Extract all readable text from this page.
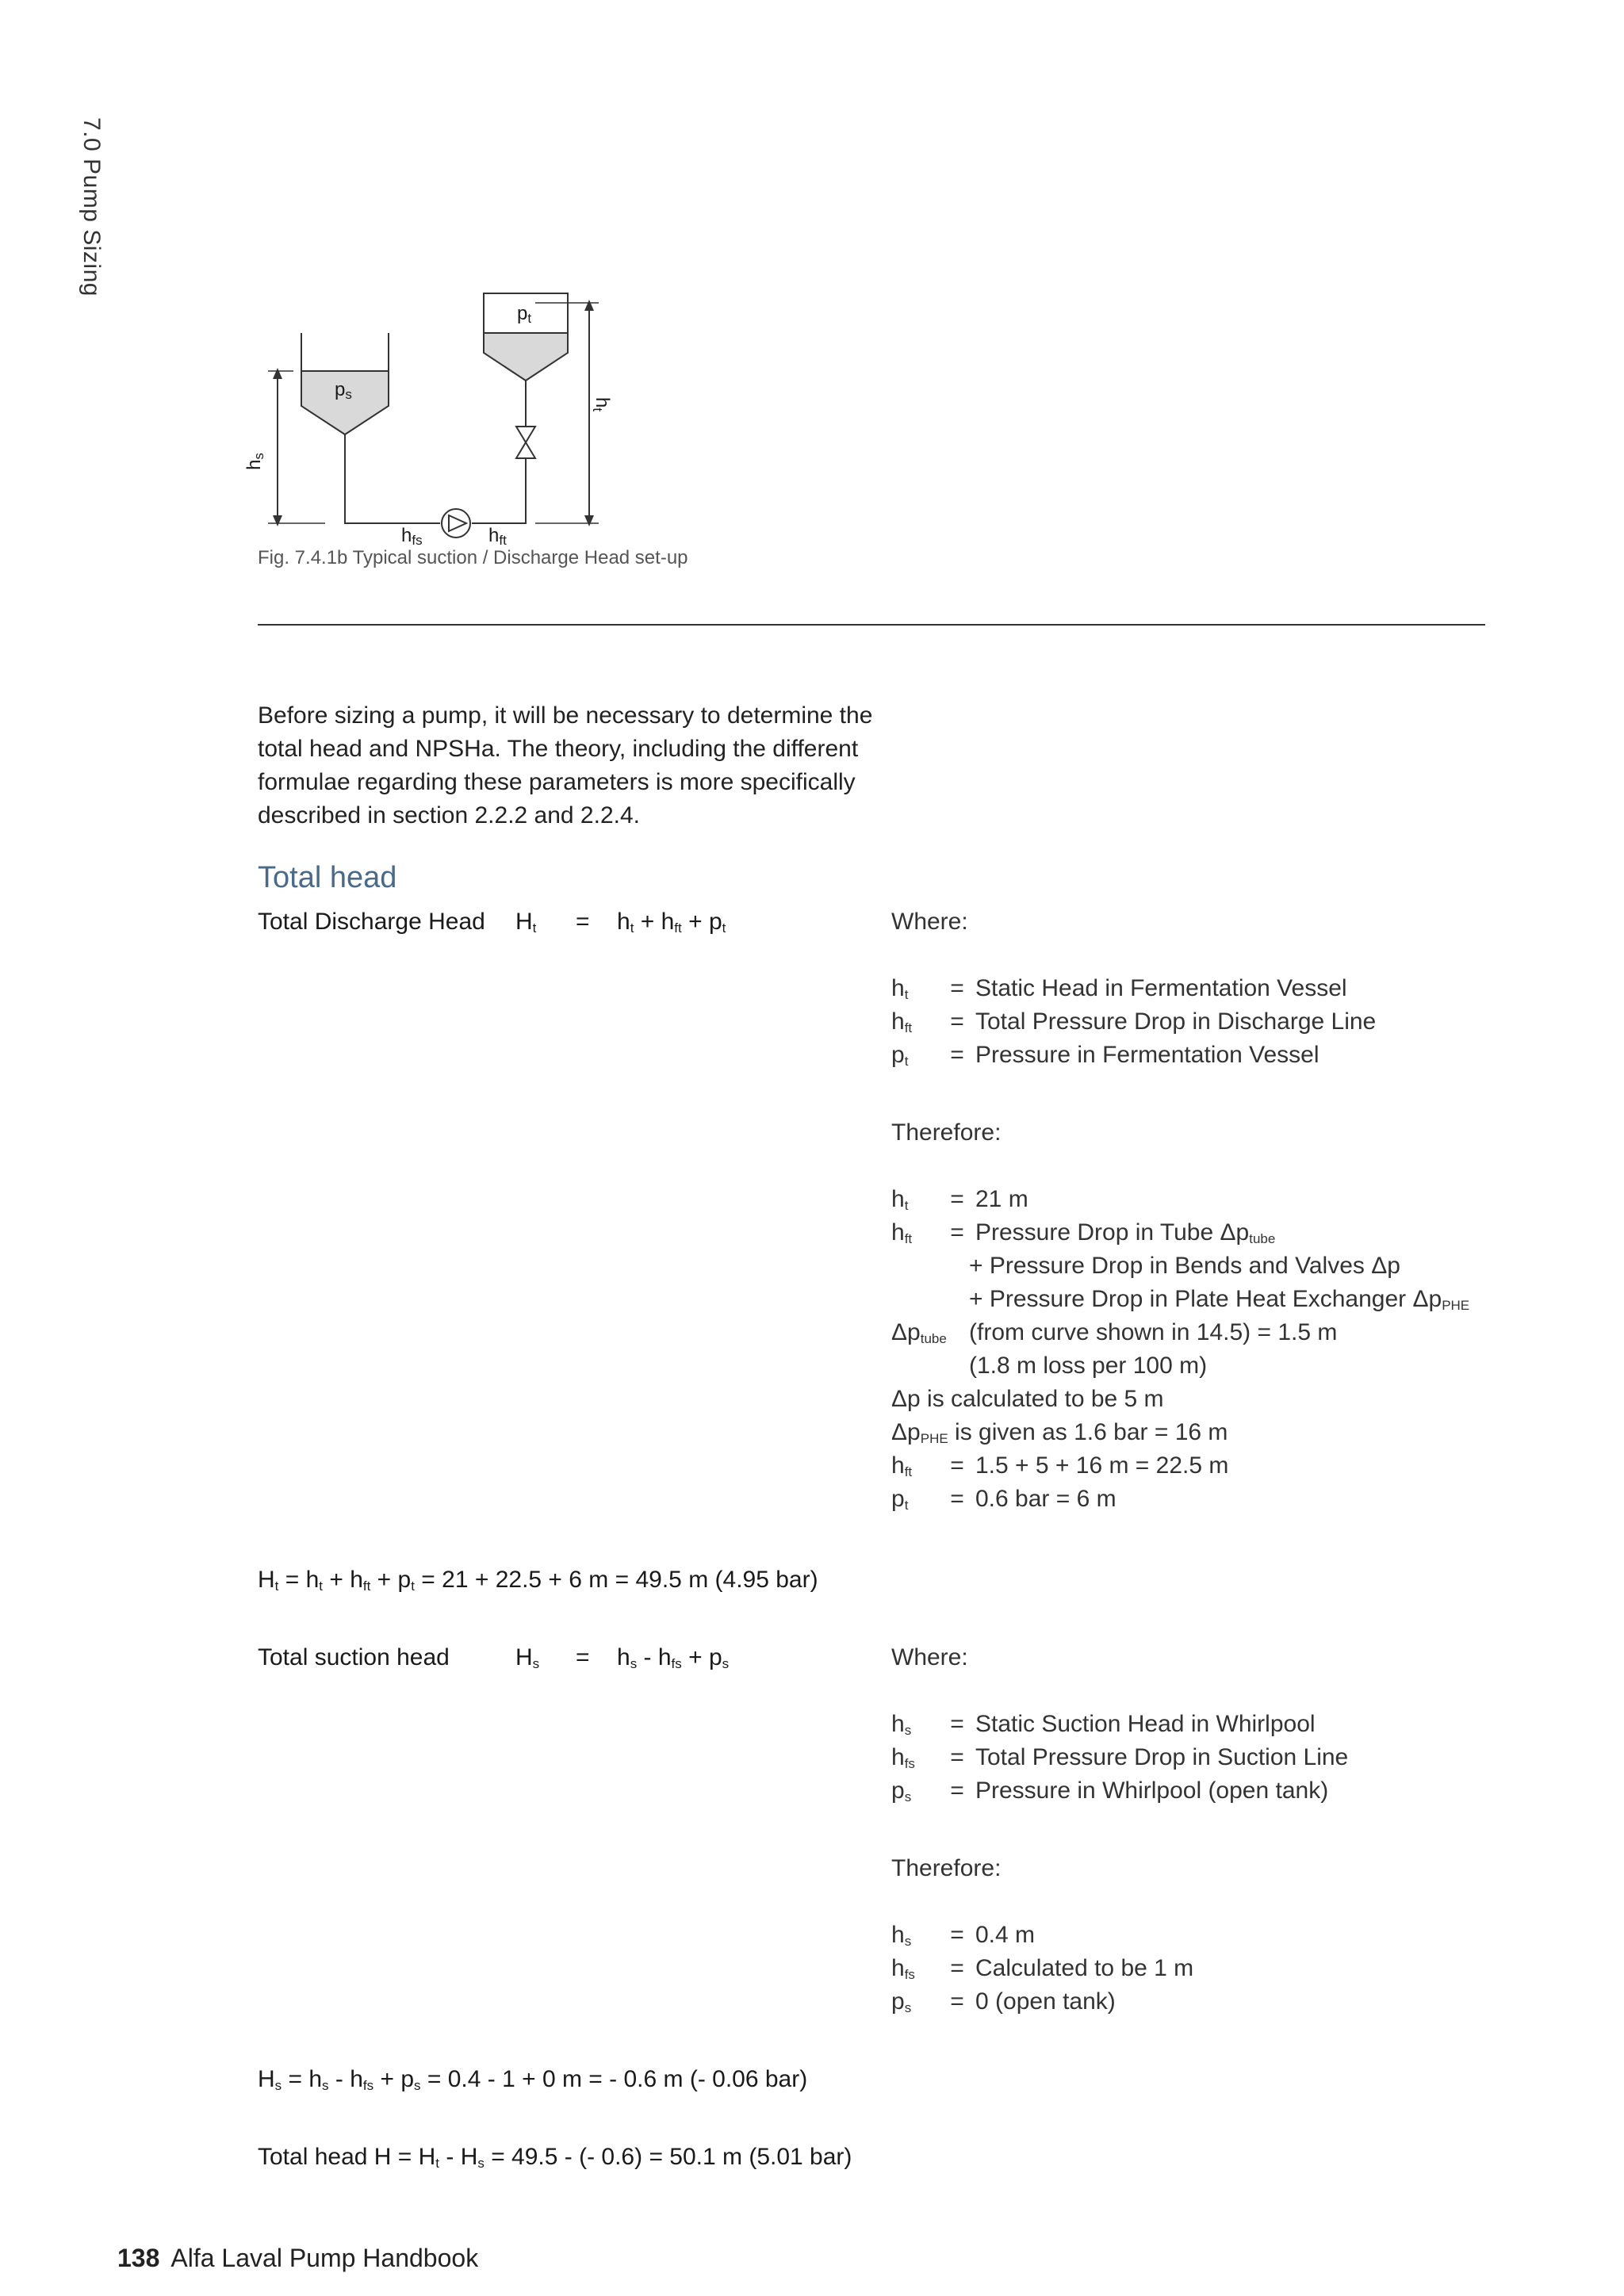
7.0 Pump Sizing
$p_t$
$p_s$
$h_t$
$h_s$
$h_{fs}$	$h_{ft}$
Fig. 7.4.1b Typical suction / Discharge Head set-up
Before sizing a pump, it will be necessary to determine the total head and NPSHa. The theory, including the different formulae regarding these parameters is more specifically described in section 2.2.2 and 2.2.4.
Total head
Total Discharge Head $H_t = h_t + h_{ft} + p_t$	Where:
$h_t$ = Static Head in Fermentation Vessel
$h_{ft}$ = Total Pressure Drop in Discharge Line
$p_t$ = Pressure in Fermentation Vessel
Therefore:
$h_t = 21$ m
$h_{ft}$ = Pressure Drop in Tube $\Delta p_{tube}$
+ Pressure Drop in Bends and Valves Δp
+ Pressure Drop in Plate Heat Exchanger $\Delta p_{PHE}$
$\Delta p_{tube}$ (from curve shown in 14.5) = 1.5 m
(1.8 m loss per 100 m)
Δp is calculated to be 5 m
$\Delta p_{PHE}$ is given as 1.6 bar = 16 m
$h_{ft} = 1.5 + 5 + 16$ m = 22.5 m
$p_t = 0.6$ bar = 6 m
$H_t = h_t + h_{ft} + p_t = 21 + 22.5 + 6$ m = 49.5 m (4.95 bar)
Total suction head	$H_s = h_s - h_{fs} + p_s$	Where:
$h_s$ = Static Suction Head in Whirlpool
$h_{fs}$ = Total Pressure Drop in Suction Line
$p_s$ = Pressure in Whirlpool (open tank)
Therefore:
$h_s = 0.4$ m
$h_{fs}$ = Calculated to be 1 m
$p_s = 0$ (open tank)
$H_s = h_s - h_{fs} + p_s = 0.4 - 1 + 0$ m = - 0.6 m (- 0.06 bar)
Total head $H = H_t - H_s = 49.5$ - (- 0.6) = 50.1 m (5.01 bar)
138 Alfa Laval Pump Handbook
